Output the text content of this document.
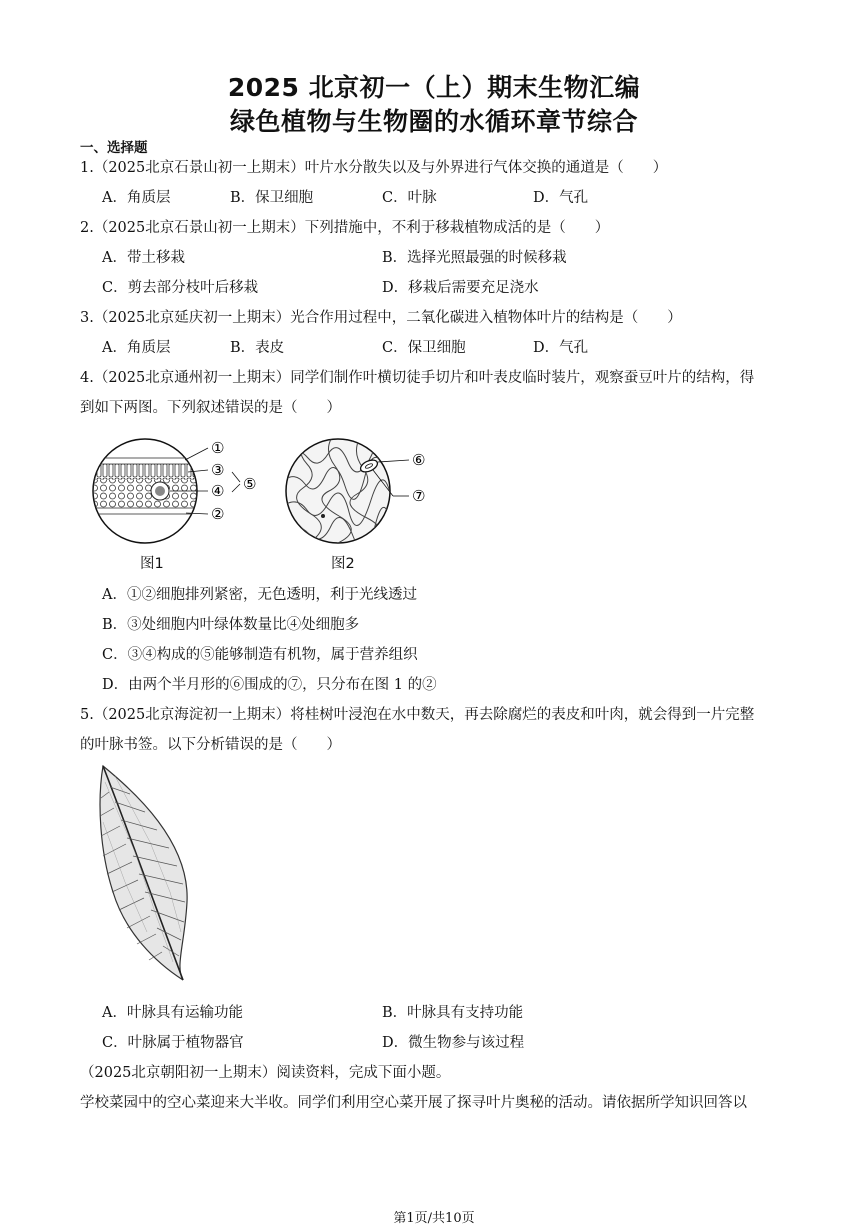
2025 北京初一（上）期末生物汇编
绿色植物与生物圈的水循环章节综合
一、选择题
1.（2025北京石景山初一上期末）叶片水分散失以及与外界进行气体交换的通道是（　　）
A．角质层	B．保卫细胞	C．叶脉	D．气孔
2.（2025北京石景山初一上期末）下列措施中，不利于移栽植物成活的是（　　）
A．带土移栽	B．选择光照最强的时候移栽
C．剪去部分枝叶后移栽	D．移栽后需要充足浇水
3.（2025北京延庆初一上期末）光合作用过程中，二氧化碳进入植物体叶片的结构是（　　）
A．角质层	B．表皮	C．保卫细胞	D．气孔
4.（2025北京通州初一上期末）同学们制作叶横切徒手切片和叶表皮临时装片，观察蚕豆叶片的结构，得
到如下两图。下列叙述错误的是（　　）
①
③
④
②
⑤
⑥
⑦
图1	图2
A．①②细胞排列紧密，无色透明，利于光线透过
B．③处细胞内叶绿体数量比④处细胞多
C．③④构成的⑤能够制造有机物，属于营养组织
D．由两个半月形的⑥围成的⑦，只分布在图 1 的②
5.（2025北京海淀初一上期末）将桂树叶浸泡在水中数天，再去除腐烂的表皮和叶肉，就会得到一片完整
的叶脉书签。以下分析错误的是（　　）
A．叶脉具有运输功能	B．叶脉具有支持功能
C．叶脉属于植物器官	D．微生物参与该过程
（2025北京朝阳初一上期末）阅读资料，完成下面小题。
学校菜园中的空心菜迎来大半收。同学们利用空心菜开展了探寻叶片奥秘的活动。请依据所学知识回答以
第1页/共10页
